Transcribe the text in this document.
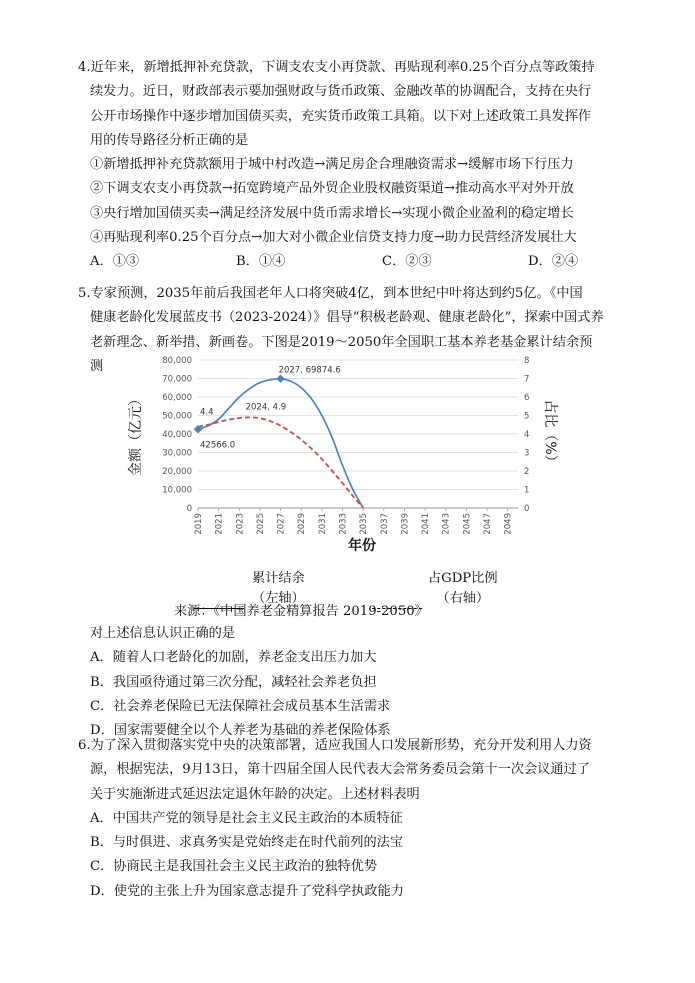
4.近年来，新增抵押补充贷款，下调支农支小再贷款、再贴现利率0.25个百分点等政策持
续发力。近日，财政部表示要加强财政与货币政策、金融改革的协调配合，支持在央行
公开市场操作中逐步增加国债买卖，充实货币政策工具箱。以下对上述政策工具发挥作
用的传导路径分析正确的是
①新增抵押补充贷款额用于城中村改造→满足房企合理融资需求→缓解市场下行压力
②下调支农支小再贷款→拓宽跨境产品外贸企业股权融资渠道→推动高水平对外开放
③央行增加国债买卖→满足经济发展中货币需求增长→实现小微企业盈利的稳定增长
④再贴现利率0.25个百分点→加大对小微企业信贷支持力度→助力民营经济发展壮大
A．①③	B．①④	C．②③	D．②④
5.专家预测，2035年前后我国老年人口将突破4亿，到本世纪中叶将达到约5亿。《中国
健康老龄化发展蓝皮书（2023-2024）》倡导“积极老龄观、健康老龄化”，探索中国式养
老新理念、新举措、新画卷。下图是2019～2050年全国职工基本养老基金累计结余预
测
0
10,000
20,000
30,000
40,000
50,000
60,000
70,000
80,000
0
1
2
3
4
5
6
7
8
2019 2021 2023 2025 2027 2029 2031 2033 2035 2037 2039 2041 2043 2045 2047 2049
2027, 69874.6
2024, 4.9
4.4
42566.0
金额（亿元）	占比（%）
年份
累计结余
（左轴）
占GDP比例
（右轴）
来源：《中国养老金精算报告 2019-2050》
对上述信息认识正确的是
A．随着人口老龄化的加剧，养老金支出压力加大
B．我国亟待通过第三次分配，减轻社会养老负担
C．社会养老保险已无法保障社会成员基本生活需求
D．国家需要健全以个人养老为基础的养老保险体系
6.为了深入贯彻落实党中央的决策部署，适应我国人口发展新形势，充分开发利用人力资
源，根据宪法，9月13日，第十四届全国人民代表大会常务委员会第十一次会议通过了
关于实施渐进式延迟法定退休年龄的决定。上述材料表明
A．中国共产党的领导是社会主义民主政治的本质特征
B．与时俱进、求真务实是党始终走在时代前列的法宝
C．协商民主是我国社会主义民主政治的独特优势
D．使党的主张上升为国家意志提升了党科学执政能力
